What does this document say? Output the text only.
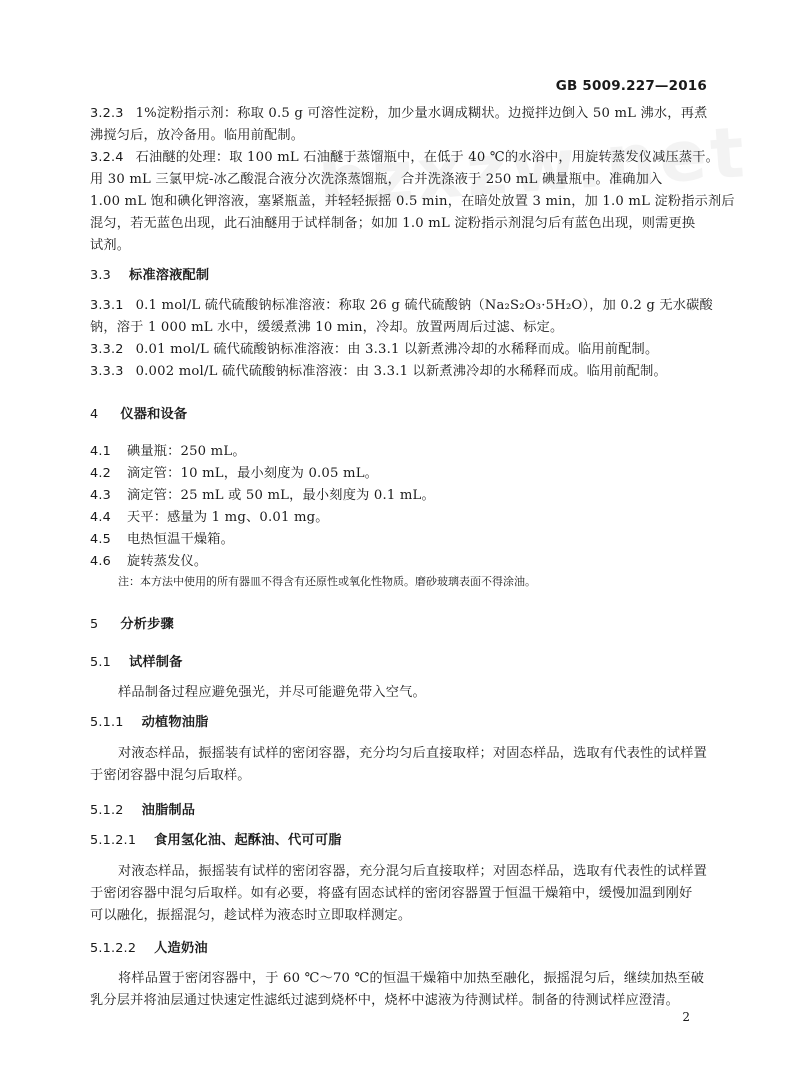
GB 5009.227—2016
3.2.3 1%淀粉指示剂：称取 0.5 g 可溶性淀粉，加少量水调成糊状。边搅拌边倒入 50 mL 沸水，再煮
沸搅匀后，放冷备用。临用前配制。
3.2.4 石油醚的处理：取 100 mL 石油醚于蒸馏瓶中，在低于 40 ℃的水浴中，用旋转蒸发仪减压蒸干。
用 30 mL 三氯甲烷-冰乙酸混合液分次洗涤蒸馏瓶，合并洗涤液于 250 mL 碘量瓶中。准确加入
1.00 mL 饱和碘化钾溶液，塞紧瓶盖，并轻轻振摇 0.5 min，在暗处放置 3 min，加 1.0 mL 淀粉指示剂后
混匀，若无蓝色出现，此石油醚用于试样制备；如加 1.0 mL 淀粉指示剂混匀后有蓝色出现，则需更换
试剂。
3.3 标准溶液配制
3.3.1 0.1 mol/L 硫代硫酸钠标准溶液：称取 26 g 硫代硫酸钠（Na₂S₂O₃·5H₂O），加 0.2 g 无水碳酸
钠，溶于 1 000 mL 水中，缓缓煮沸 10 min，冷却。放置两周后过滤、标定。
3.3.2 0.01 mol/L 硫代硫酸钠标准溶液：由 3.3.1 以新煮沸冷却的水稀释而成。临用前配制。
3.3.3 0.002 mol/L 硫代硫酸钠标准溶液：由 3.3.1 以新煮沸冷却的水稀释而成。临用前配制。
4 仪器和设备
4.1 碘量瓶：250 mL。
4.2 滴定管：10 mL，最小刻度为 0.05 mL。
4.3 滴定管：25 mL 或 50 mL，最小刻度为 0.1 mL。
4.4 天平：感量为 1 mg、0.01 mg。
4.5 电热恒温干燥箱。
4.6 旋转蒸发仪。
注：本方法中使用的所有器皿不得含有还原性或氧化性物质。磨砂玻璃表面不得涂油。
5 分析步骤
5.1 试样制备
样品制备过程应避免强光，并尽可能避免带入空气。
5.1.1 动植物油脂
对液态样品，振摇装有试样的密闭容器，充分均匀后直接取样；对固态样品，选取有代表性的试样置
于密闭容器中混匀后取样。
5.1.2 油脂制品
5.1.2.1 食用氢化油、起酥油、代可可脂
对液态样品，振摇装有试样的密闭容器，充分混匀后直接取样；对固态样品，选取有代表性的试样置
于密闭容器中混匀后取样。如有必要，将盛有固态试样的密闭容器置于恒温干燥箱中，缓慢加温到刚好
可以融化，振摇混匀，趁试样为液态时立即取样测定。
5.1.2.2 人造奶油
将样品置于密闭容器中，于 60 ℃～70 ℃的恒温干燥箱中加热至融化，振摇混匀后，继续加热至破
乳分层并将油层通过快速定性滤纸过滤到烧杯中，烧杯中滤液为待测试样。制备的待测试样应澄清。
2
